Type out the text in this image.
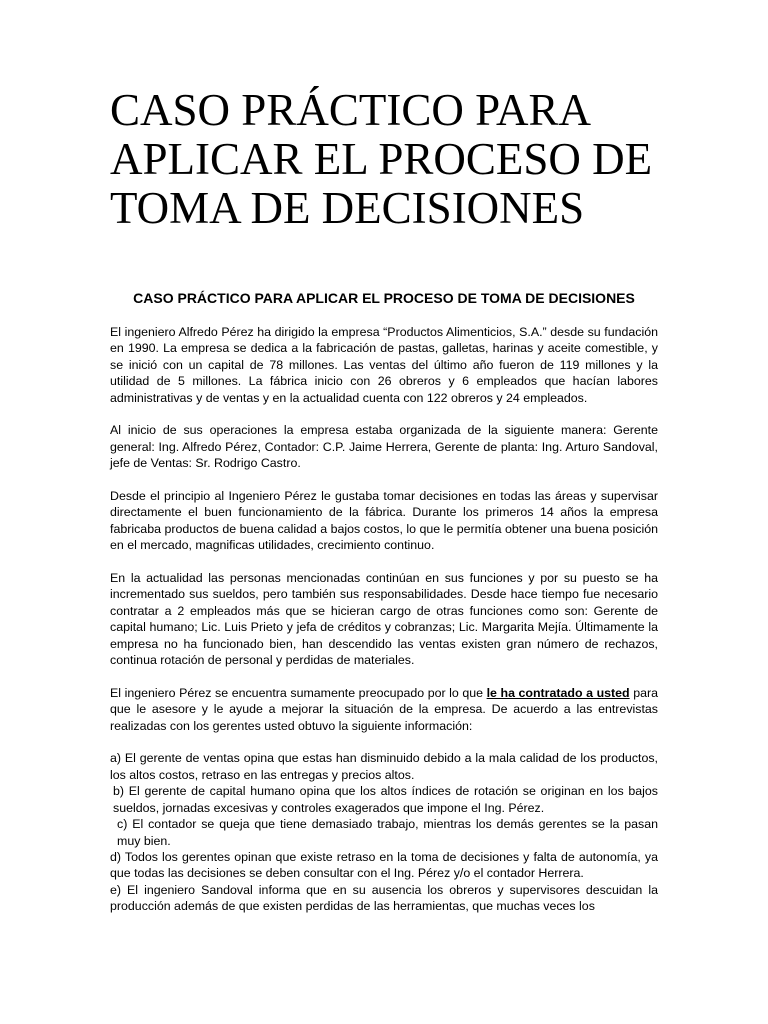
CASO PRÁCTICO PARA APLICAR EL PROCESO DE TOMA DE DECISIONES
CASO PRÁCTICO PARA APLICAR EL PROCESO DE TOMA DE DECISIONES

El ingeniero Alfredo Pérez ha dirigido la empresa “Productos Alimenticios, S.A.” desde su fundación en 1990. La empresa se dedica a la fabricación de pastas, galletas, harinas y aceite comestible, y se inició con un capital de 78 millones. Las ventas del último año fueron de 119 millones y la utilidad de 5 millones. La fábrica inicio con 26 obreros y 6 empleados que hacían labores administrativas y de ventas y en la actualidad cuenta con 122 obreros y 24 empleados.

Al inicio de sus operaciones la empresa estaba organizada de la siguiente manera: Gerente general: Ing. Alfredo Pérez, Contador: C.P. Jaime Herrera, Gerente de planta: Ing. Arturo Sandoval, jefe de Ventas: Sr. Rodrigo Castro.

Desde el principio al Ingeniero Pérez le gustaba tomar decisiones en todas las áreas y supervisar directamente el buen funcionamiento de la fábrica. Durante los primeros 14 años la empresa fabricaba productos de buena calidad a bajos costos, lo que le permitía obtener una buena posición en el mercado, magnificas utilidades, crecimiento continuo.

En la actualidad las personas mencionadas continúan en sus funciones y por su puesto se ha incrementado sus sueldos, pero también sus responsabilidades. Desde hace tiempo fue necesario contratar a 2 empleados más que se hicieran cargo de otras funciones como son: Gerente de capital humano; Lic. Luis Prieto y jefa de créditos y cobranzas; Lic. Margarita Mejía. Últimamente la empresa no ha funcionado bien, han descendido las ventas existen gran número de rechazos, continua rotación de personal y perdidas de materiales.

El ingeniero Pérez se encuentra sumamente preocupado por lo que le ha contratado a usted para que le asesore y le ayude a mejorar la situación de la empresa. De acuerdo a las entrevistas realizadas con los gerentes usted obtuvo la siguiente información:

a) El gerente de ventas opina que estas han disminuido debido a la mala calidad de los productos, los altos costos, retraso en las entregas y precios altos.

b) El gerente de capital humano opina que los altos índices de rotación se originan en los bajos sueldos, jornadas excesivas y controles exagerados que impone el Ing. Pérez.

c) El contador se queja que tiene demasiado trabajo, mientras los demás gerentes se la pasan muy bien.

d) Todos los gerentes opinan que existe retraso en la toma de decisiones y falta de autonomía, ya que todas las decisiones se deben consultar con el Ing. Pérez y/o el contador Herrera.

e) El ingeniero Sandoval informa que en su ausencia los obreros y supervisores descuidan la producción además de que existen perdidas de las herramientas, que muchas veces los
